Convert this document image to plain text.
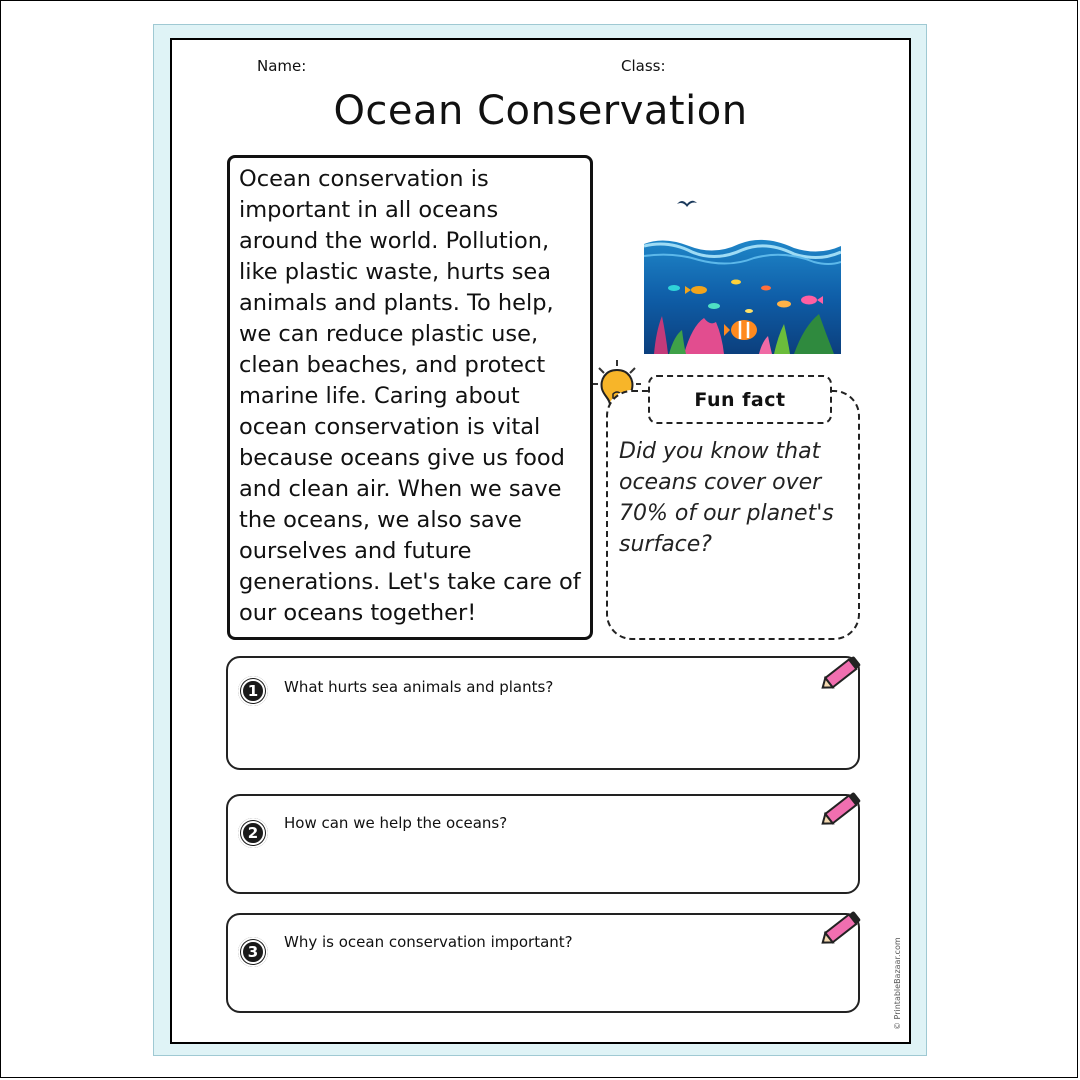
Name:	Class:
Ocean Conservation

Ocean conservation is important in all oceans around the world. Pollution, like plastic waste, hurts sea animals and plants. To help, we can reduce plastic use, clean beaches, and protect marine life. Caring about ocean conservation is vital because oceans give us food and clean air. When we save the oceans, we also save ourselves and future generations. Let's take care of our oceans together!

Fun fact
Did you know that oceans cover over 70% of our planet's surface?
1	What hurts sea animals and plants?
2
How can we help the oceans?
3
Why is ocean conservation important?	© PrintableBazaar.com
